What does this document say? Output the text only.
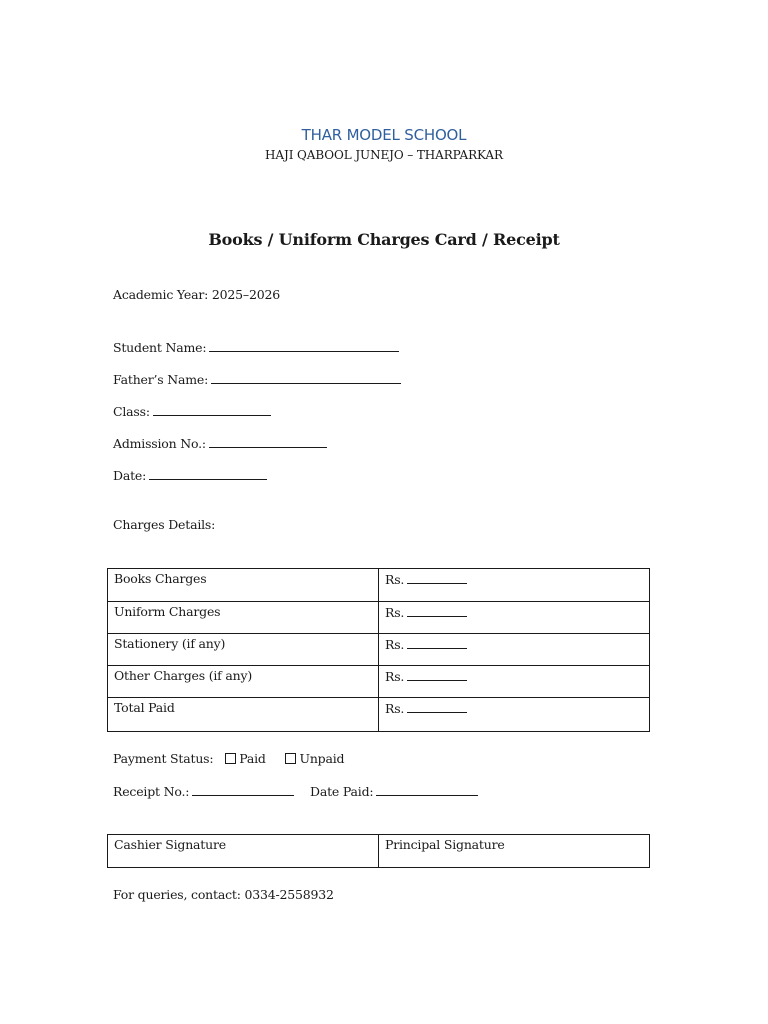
THAR MODEL SCHOOL
HAJI QABOOL JUNEJO – THARPARKAR
Books / Uniform Charges Card / Receipt
Academic Year: 2025–2026
Student Name:
Father’s Name:
Class:
Admission No.:
Date:
Charges Details:
Books Charges	Rs.
Uniform Charges	Rs.
Stationery (if any)	Rs.
Other Charges (if any)	Rs.
Total Paid	Rs.
Payment Status: Paid	Unpaid
Receipt No.:	Date Paid:
Cashier Signature	Principal Signature
For queries, contact: 0334-2558932
